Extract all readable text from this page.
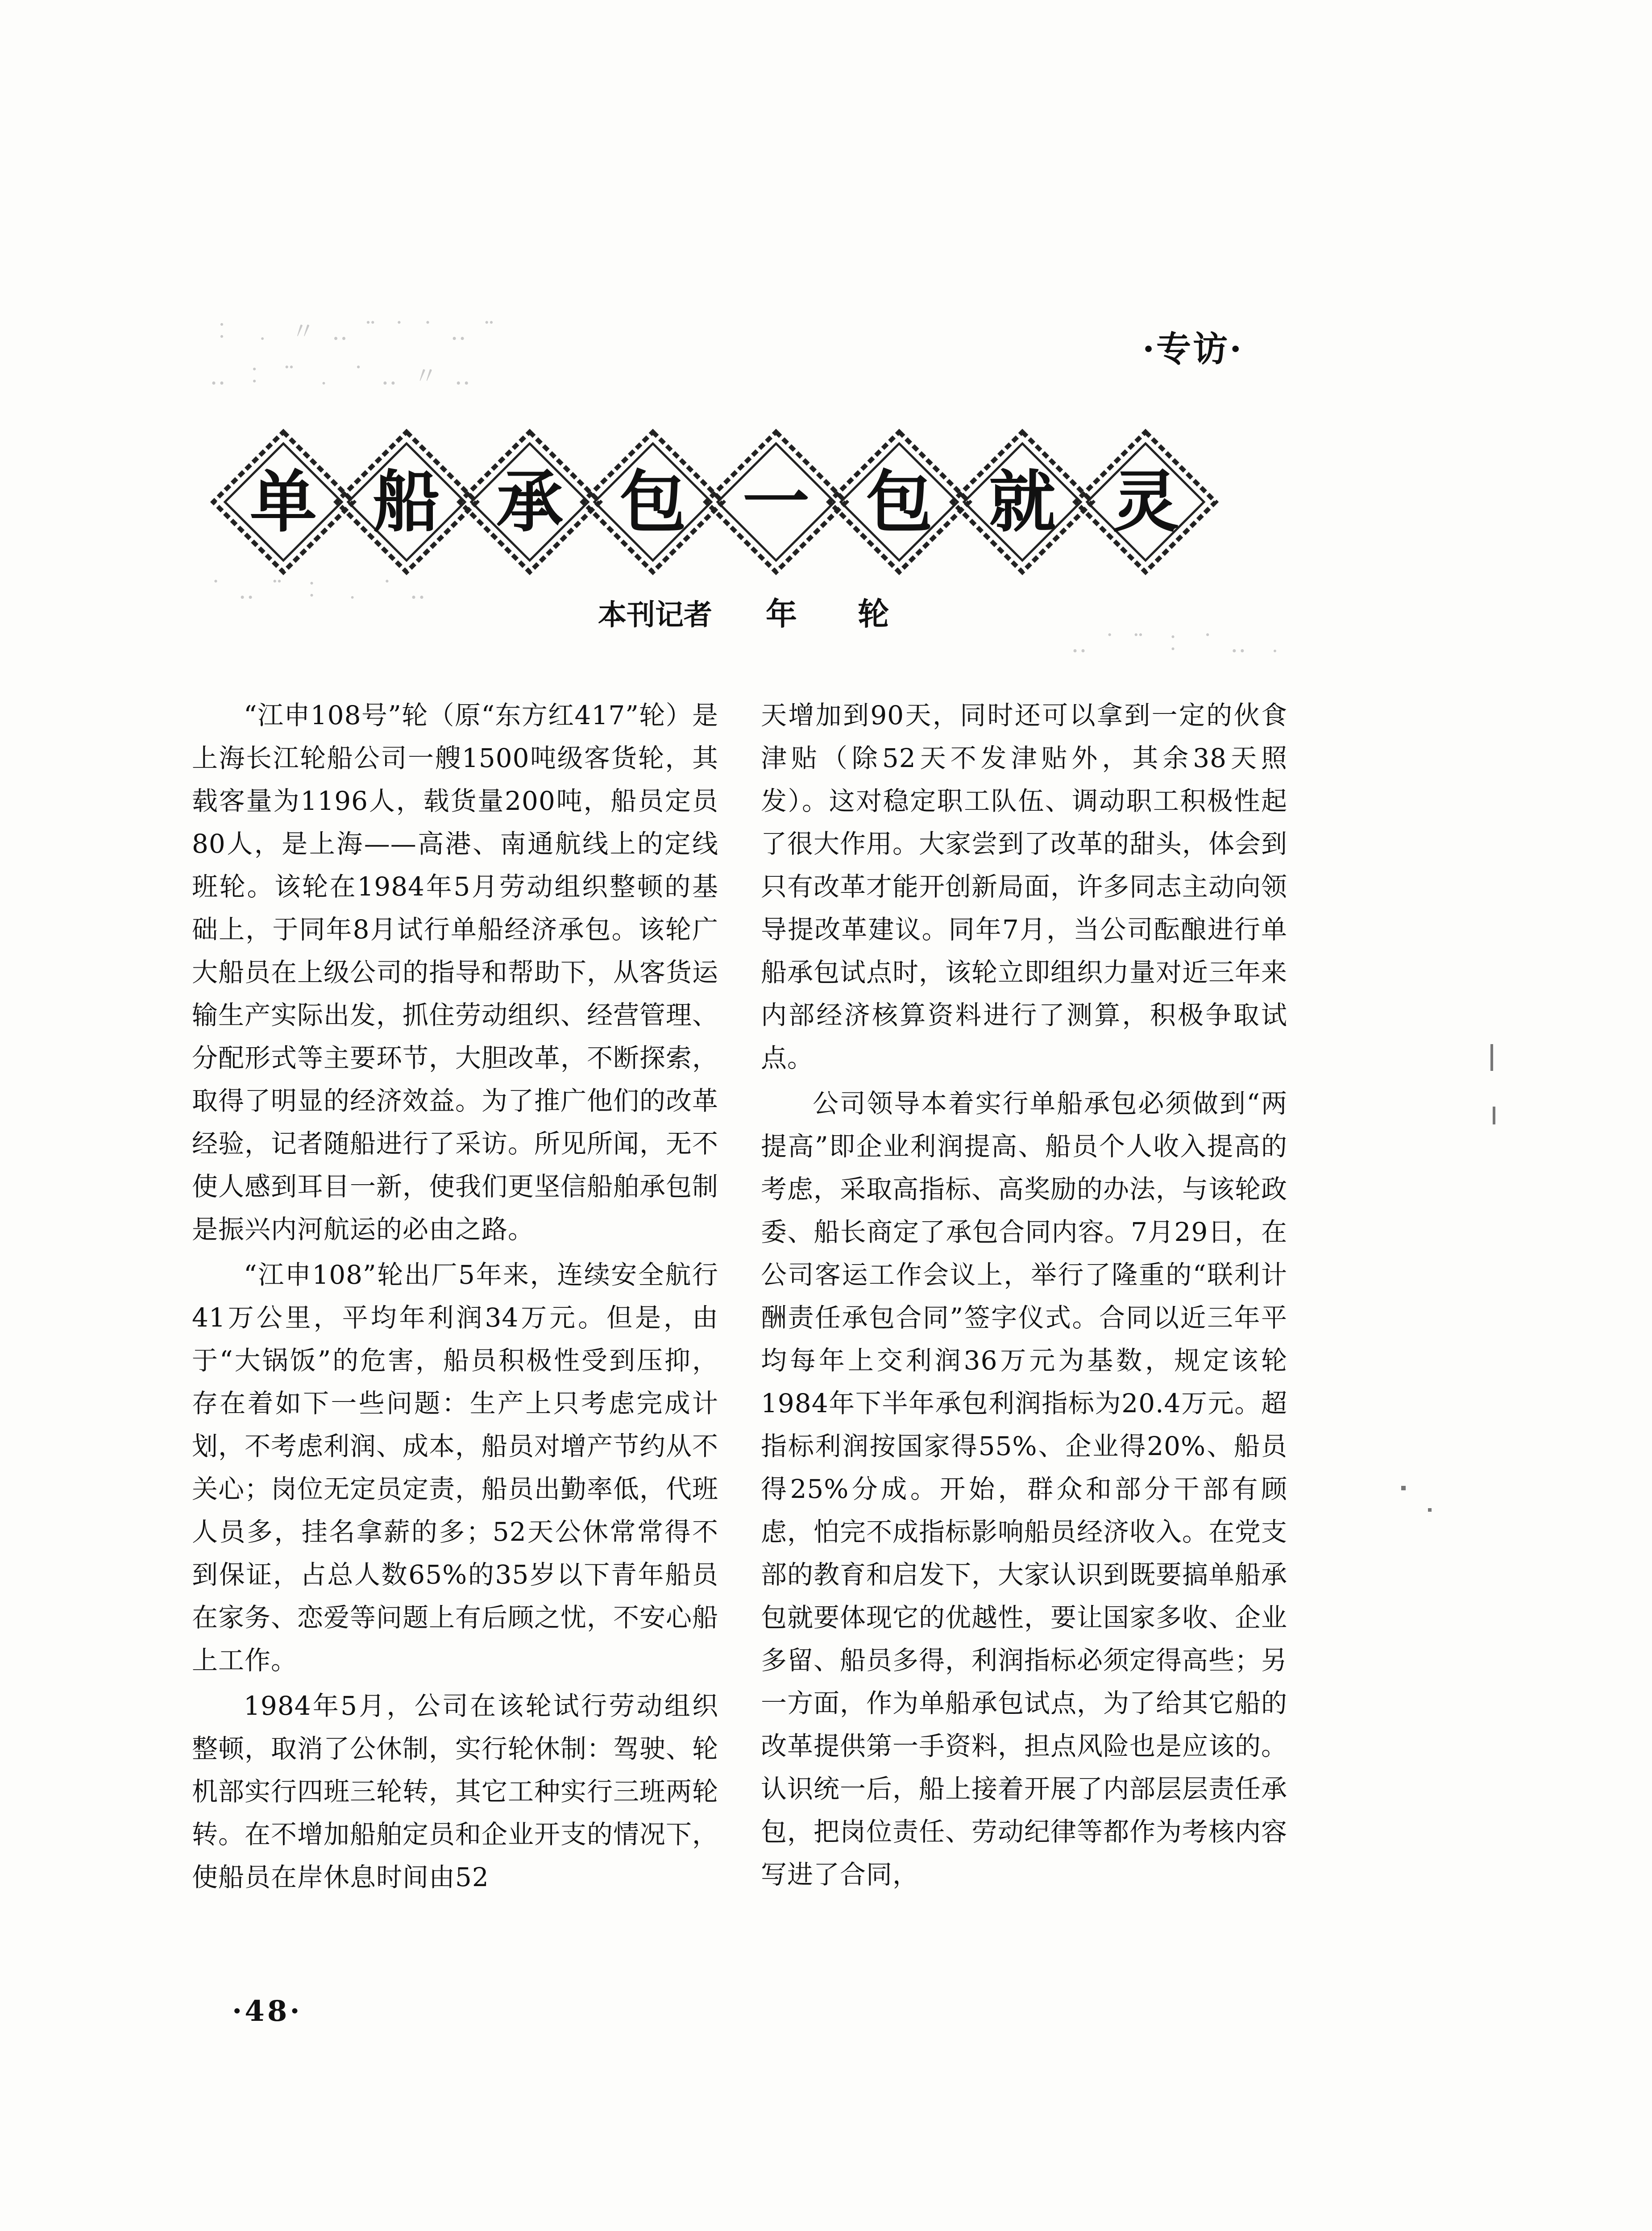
︰ ﹒ 〃 ‥ ¨ ˙ ˙ ‥ ¨
‥ ︰ ¨ ﹒ ˙ ‥ 〃 ‥
˙ ‥ ¨ ︰ ﹒ ˙ ‥
‥ ˙ ¨ ︰ ˙ ‥ ﹒
·专访·
单 船 承 包 一 包 就 灵
本刊记者 年 轮

“江申108号”轮（原“东方红417”轮）是上海长江轮船公司一艘1500吨级客货轮，其载客量为1196人，载货量200吨，船员定员80人，是上海——高港、南通航线上的定线班轮。该轮在1984年5月劳动组织整顿的基础上，于同年8月试行单船经济承包。该轮广大船员在上级公司的指导和帮助下，从客货运输生产实际出发，抓住劳动组织、经营管理、分配形式等主要环节，大胆改革，不断探索，取得了明显的经济效益。为了推广他们的改革经验，记者随船进行了采访。所见所闻，无不使人感到耳目一新，使我们更坚信船舶承包制是振兴内河航运的必由之路。

“江申108”轮出厂5年来，连续安全航行41万公里，平均年利润34万元。但是，由于“大锅饭”的危害，船员积极性受到压抑，存在着如下一些问题：生产上只考虑完成计划，不考虑利润、成本，船员对增产节约从不关心；岗位无定员定责，船员出勤率低，代班人员多，挂名拿薪的多；52天公休常常得不到保证，占总人数65%的35岁以下青年船员在家务、恋爱等问题上有后顾之忧，不安心船上工作。

1984年5月，公司在该轮试行劳动组织整顿，取消了公休制，实行轮休制：驾驶、轮机部实行四班三轮转，其它工种实行三班两轮转。在不增加船舶定员和企业开支的情况下，使船员在岸休息时间由52

天增加到90天，同时还可以拿到一定的伙食津贴（除52天不发津贴外，其余38天照发）。这对稳定职工队伍、调动职工积极性起了很大作用。大家尝到了改革的甜头，体会到只有改革才能开创新局面，许多同志主动向领导提改革建议。同年7月，当公司酝酿进行单船承包试点时，该轮立即组织力量对近三年来内部经济核算资料进行了测算，积极争取试点。

公司领导本着实行单船承包必须做到“两提高”即企业利润提高、船员个人收入提高的考虑，采取高指标、高奖励的办法，与该轮政委、船长商定了承包合同内容。7月29日，在公司客运工作会议上，举行了隆重的“联利计酬责任承包合同”签字仪式。合同以近三年平均每年上交利润36万元为基数，规定该轮1984年下半年承包利润指标为20.4万元。超指标利润按国家得55%、企业得20%、船员得25%分成。开始，群众和部分干部有顾虑，怕完不成指标影响船员经济收入。在党支部的教育和启发下，大家认识到既要搞单船承包就要体现它的优越性，要让国家多收、企业多留、船员多得，利润指标必须定得高些；另一方面，作为单船承包试点，为了给其它船的改革提供第一手资料，担点风险也是应该的。认识统一后，船上接着开展了内部层层责任承包，把岗位责任、劳动纪律等都作为考核内容写进了合同，

·48·
